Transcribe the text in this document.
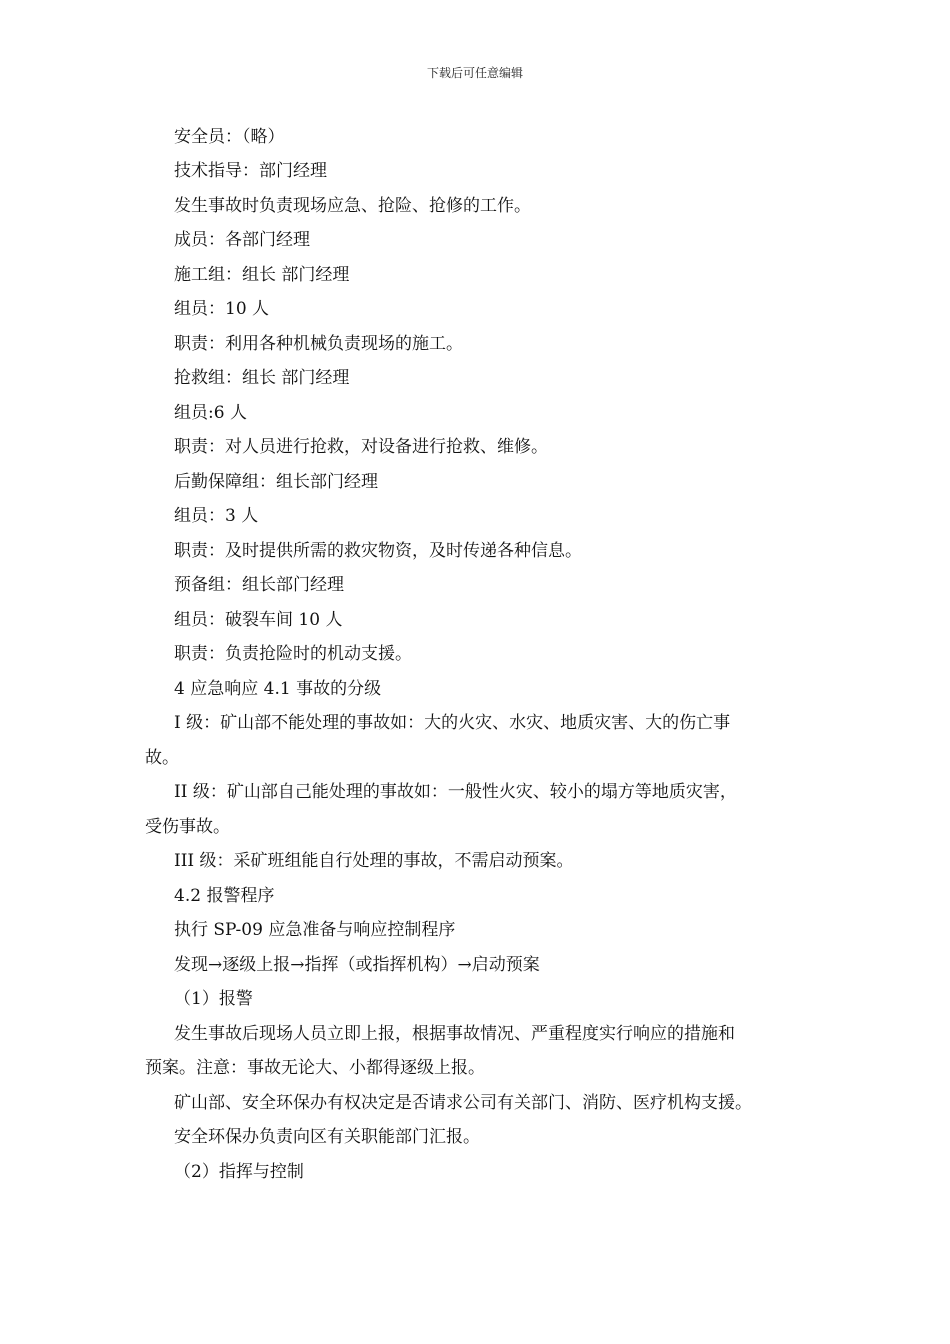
下载后可任意编辑
安全员：（略）
技术指导：部门经理
发生事故时负责现场应急、抢险、抢修的工作。
成员：各部门经理
施工组：组长 部门经理
组员：10 人
职责：利用各种机械负责现场的施工。
抢救组：组长 部门经理
组员:6 人
职责：对人员进行抢救，对设备进行抢救、维修。
后勤保障组：组长部门经理
组员：3 人
职责：及时提供所需的救灾物资，及时传递各种信息。
预备组：组长部门经理
组员：破裂车间 10 人
职责：负责抢险时的机动支援。
4 应急响应 4.1 事故的分级
I 级：矿山部不能处理的事故如：大的火灾、水灾、地质灾害、大的伤亡事
故。
II 级：矿山部自己能处理的事故如：一般性火灾、较小的塌方等地质灾害，
受伤事故。
III 级：采矿班组能自行处理的事故，不需启动预案。
4.2 报警程序
执行 SP-09 应急准备与响应控制程序
发现→逐级上报→指挥（或指挥机构）→启动预案
（1）报警
发生事故后现场人员立即上报，根据事故情况、严重程度实行响应的措施和
预案。注意：事故无论大、小都得逐级上报。
矿山部、安全环保办有权决定是否请求公司有关部门、消防、医疗机构支援。
安全环保办负责向区有关职能部门汇报。
（2）指挥与控制
